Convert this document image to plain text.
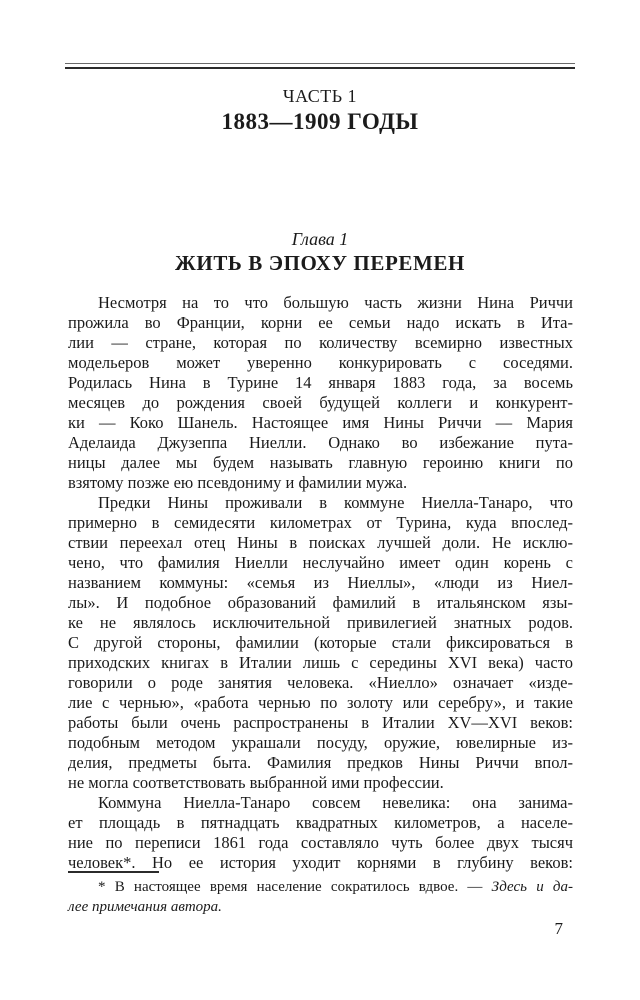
ЧАСТЬ 1
1883—1909 ГОДЫ
Глава 1
ЖИТЬ В ЭПОХУ ПЕРЕМЕН
Несмотря на то что большую часть жизни Нина Риччи
прожила во Франции, корни ее семьи надо искать в Ита-
лии — стране, которая по количеству всемирно известных
модельеров может уверенно конкурировать с соседями.
Родилась Нина в Турине 14 января 1883 года, за восемь
месяцев до рождения своей будущей коллеги и конкурент-
ки — Коко Шанель. Настоящее имя Нины Риччи — Мария
Аделаида Джузеппа Ниелли. Однако во избежание пута-
ницы далее мы будем называть главную героиню книги по
взятому позже ею псевдониму и фамилии мужа.
Предки Нины проживали в коммуне Ниелла-Танаро, что
примерно в семидесяти километрах от Турина, куда впослед-
ствии переехал отец Нины в поисках лучшей доли. Не исклю-
чено, что фамилия Ниелли неслучайно имеет один корень с
названием коммуны: «семья из Ниеллы», «люди из Ниел-
лы». И подобное образований фамилий в итальянском язы-
ке не являлось исключительной привилегией знатных родов.
С другой стороны, фамилии (которые стали фиксироваться в
приходских книгах в Италии лишь с середины XVI века) часто
говорили о роде занятия человека. «Ниелло» означает «изде-
лие с чернью», «работа чернью по золоту или серебру», и такие
работы были очень распространены в Италии XV—XVI веков:
подобным методом украшали посуду, оружие, ювелирные из-
делия, предметы быта. Фамилия предков Нины Риччи впол-
не могла соответствовать выбранной ими профессии.
Коммуна Ниелла-Танаро совсем невелика: она занима-
ет площадь в пятнадцать квадратных километров, а населе-
ние по переписи 1861 года составляло чуть более двух тысяч
человек*. Но ее история уходит корнями в глубину веков:
* В настоящее время население сократилось вдвое. — Здесь и да-
лее примечания автора.
7
